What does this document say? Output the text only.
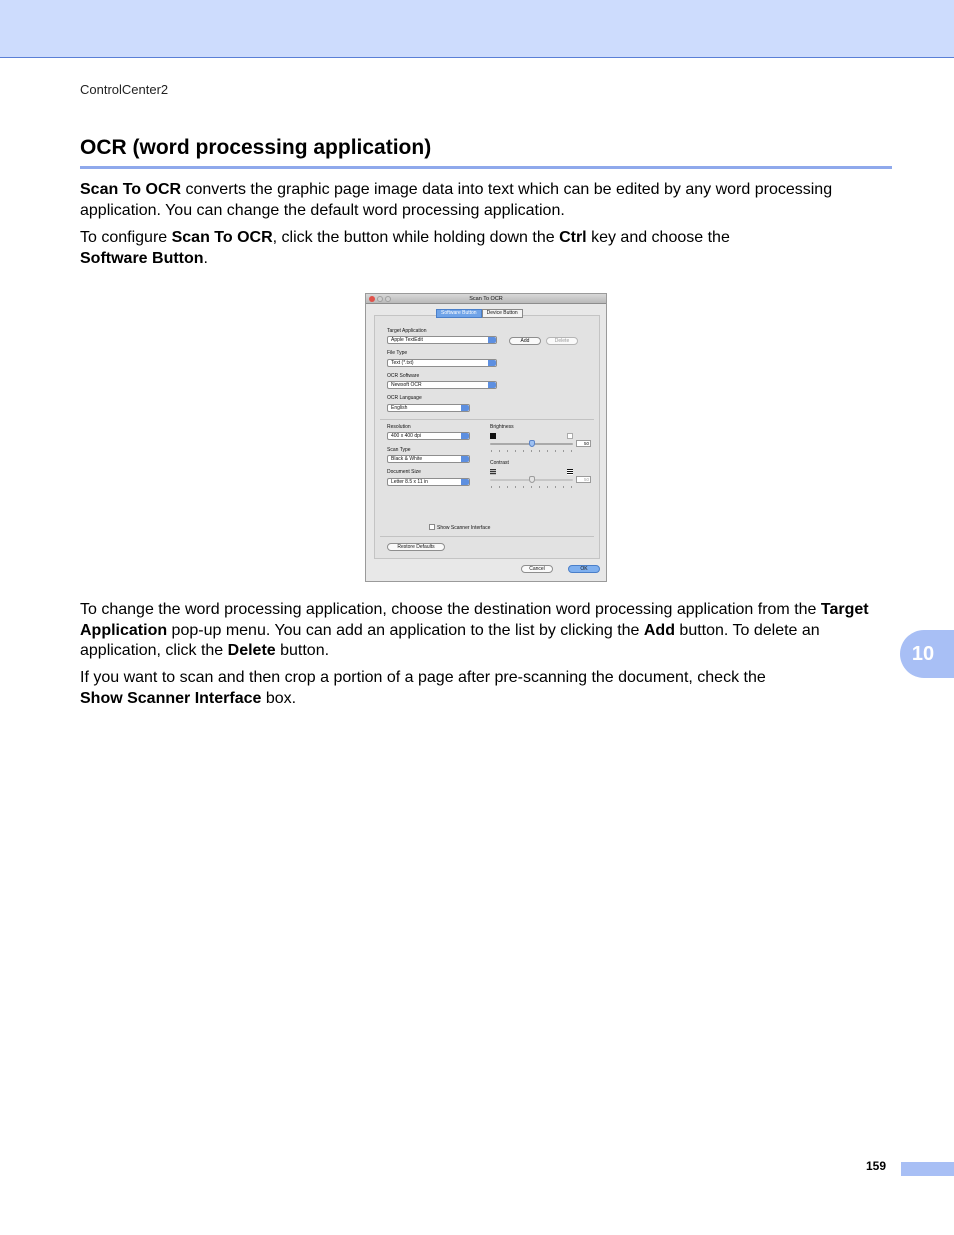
ControlCenter2
OCR (word processing application)

Scan To OCR converts the graphic page image data into text which can be edited by any word processing application. You can change the default word processing application.

To configure Scan To OCR, click the button while holding down the Ctrl key and choose the
Software Button.

Scan To OCR
Software Button	Device Button
Target Application
Apple TextEdit	Add	Delete
File Type
Text (*.txt)
OCR Software
Newsoft OCR
OCR Language
English
Resolution
400 x 400 dpi
Scan Type
Black & White
Document Size
Letter 8.5 x 11 in
Brightness
50
Contrast
50
Show Scanner Interface
Restore Defaults
Cancel	OK

To change the word processing application, choose the destination word processing application from the Target Application pop-up menu. You can add an application to the list by clicking the Add button. To delete an application, click the Delete button.

If you want to scan and then crop a portion of a page after pre-scanning the document, check the
Show Scanner Interface box.

10
159
